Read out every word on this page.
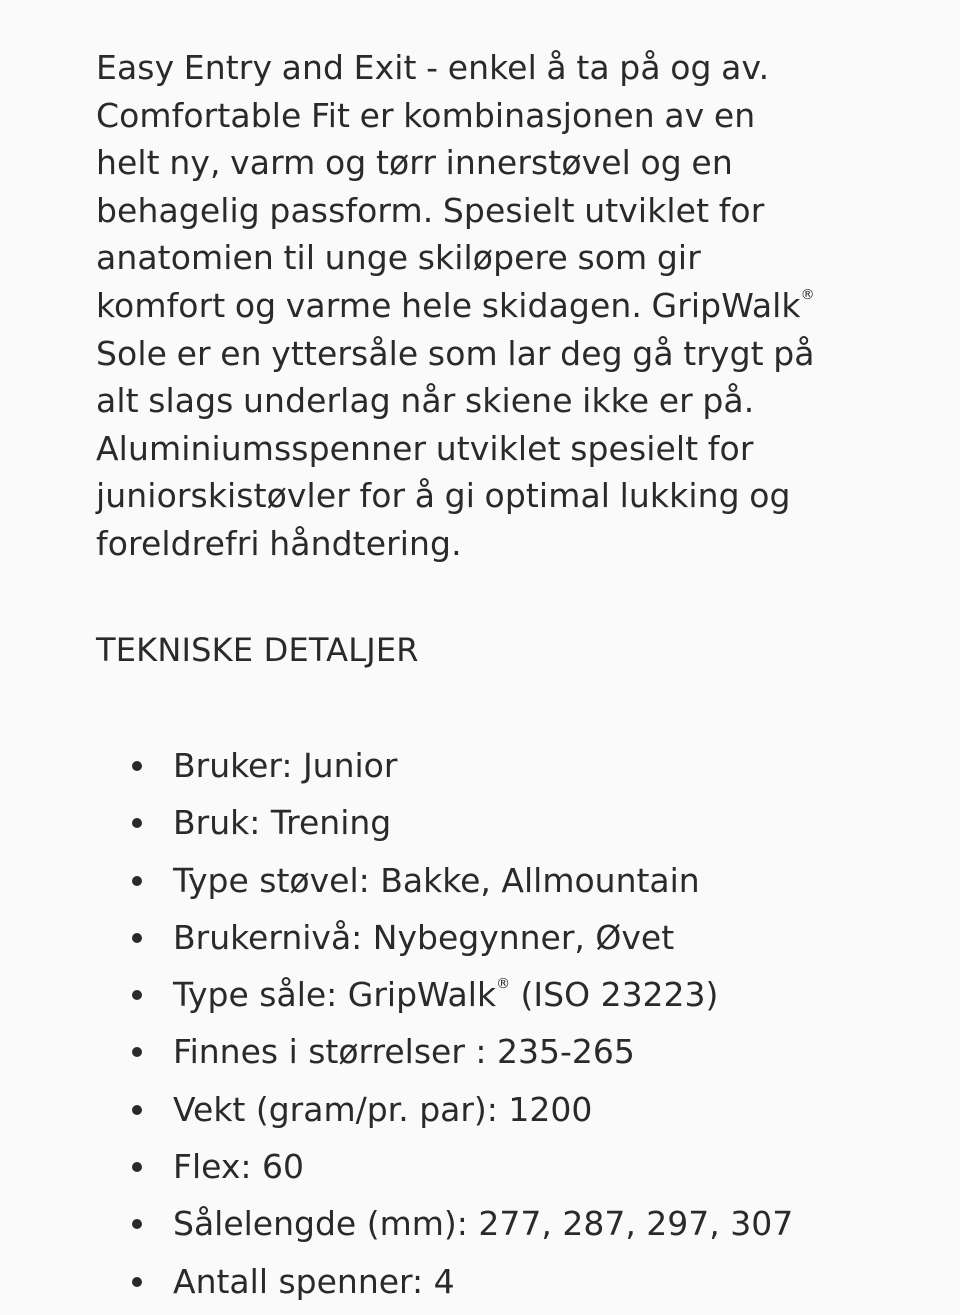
Easy Entry and Exit - enkel å ta på og av.
Comfortable Fit er kombinasjonen av en
helt ny, varm og tørr innerstøvel og en
behagelig passform. Spesielt utviklet for
anatomien til unge skiløpere som gir
komfort og varme hele skidagen. GripWalk®
Sole er en yttersåle som lar deg gå trygt på
alt slags underlag når skiene ikke er på.
Aluminiumsspenner utviklet spesielt for
juniorskistøvler for å gi optimal lukking og
foreldrefri håndtering.

TEKNISKE DETALJER
Bruker: Junior
Bruk: Trening
Type støvel: Bakke, Allmountain
Brukernivå: Nybegynner, Øvet
Type såle: GripWalk® (ISO 23223)
Finnes i størrelser : 235-265
Vekt (gram/pr. par): 1200
Flex: 60
Sålelengde (mm): 277, 287, 297, 307
Antall spenner: 4
